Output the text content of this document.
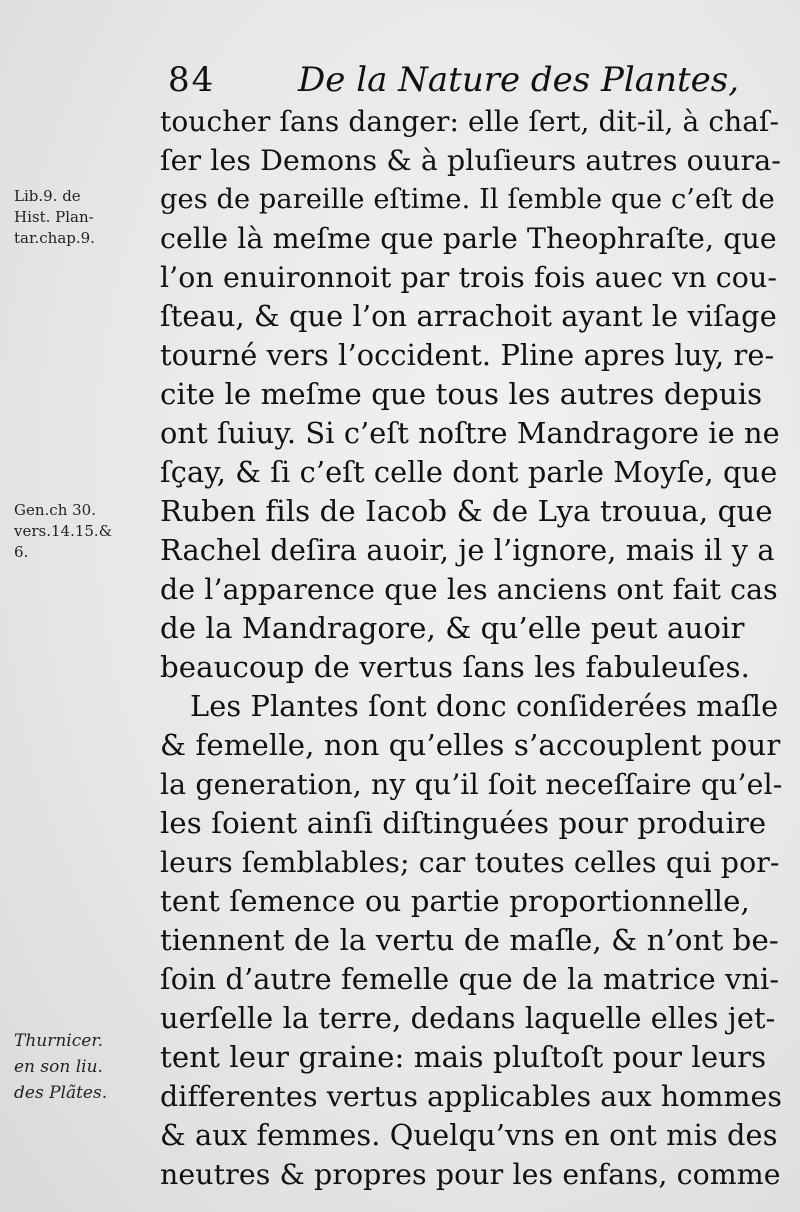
84 De la Nature des Plantes,
Lib.9. de
Hist. Plan-
tar.chap.9.
Gen.ch 30.
vers.14.15.&
6.
Thurnicer.
en son liu.
des Plãtes.
toucher ſans danger: elle ſert, dit-il, à chaſ-
ſer les Demons & à pluſieurs autres ouura-
ges de pareille eſtime. Il ſemble que c’eſt de
celle là meſme que parle Theophraſte, que
l’on enuironnoit par trois fois auec vn cou-
ſteau, & que l’on arrachoit ayant le viſage
tourné vers l’occident. Pline apres luy, re-
cite le meſme que tous les autres depuis
ont ſuiuy. Si c’eſt noſtre Mandragore ie ne
ſçay, & ſi c’eſt celle dont parle Moyſe, que
Ruben fils de Iacob & de Lya trouua, que
Rachel deſira auoir, je l’ignore, mais il y a
de l’apparence que les anciens ont fait cas
de la Mandragore, & qu’elle peut auoir
beaucoup de vertus ſans les fabuleuſes.
Les Plantes ſont donc conſiderées maſle
& femelle, non qu’elles s’accouplent pour
la generation, ny qu’il ſoit neceſſaire qu’el-
les ſoient ainſi diſtinguées pour produire
leurs ſemblables; car toutes celles qui por-
tent ſemence ou partie proportionnelle,
tiennent de la vertu de maſle, & n’ont be-
ſoin d’autre femelle que de la matrice vni-
uerſelle la terre, dedans laquelle elles jet-
tent leur graine: mais pluſtoſt pour leurs
differentes vertus applicables aux hommes
& aux femmes. Quelqu’vns en ont mis des
neutres & propres pour les enfans, comme
